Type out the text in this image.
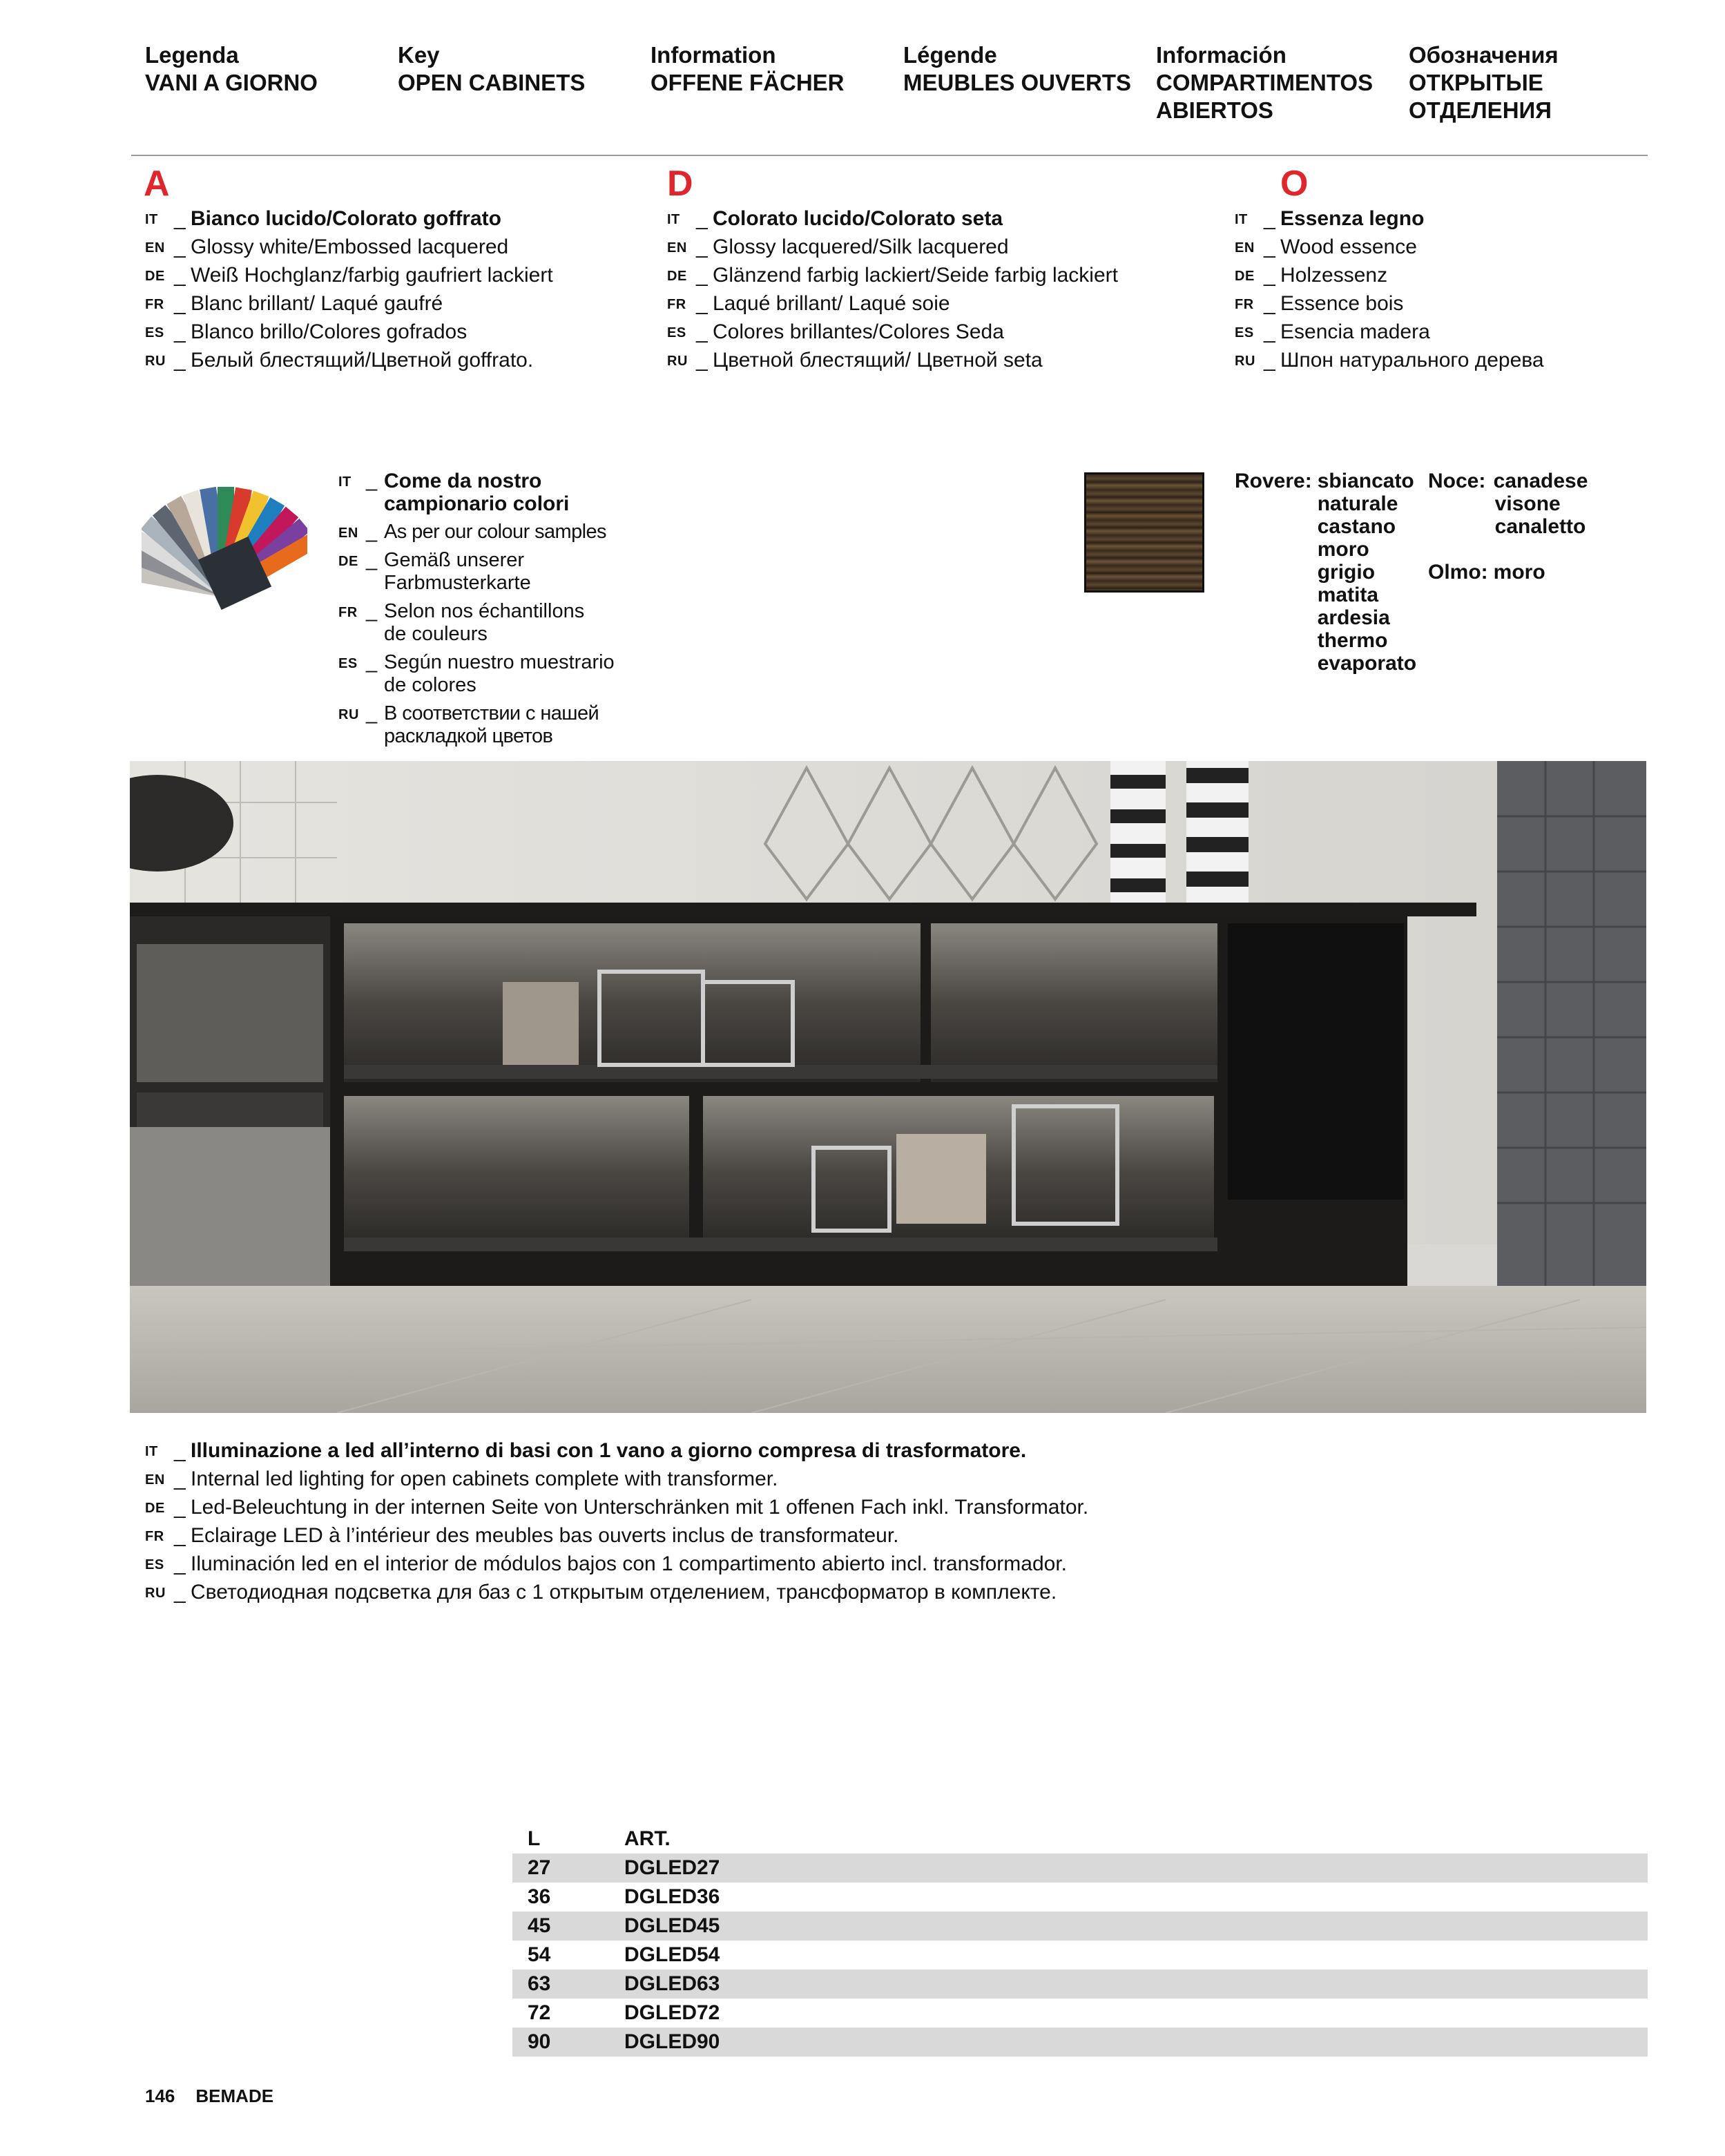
Legenda
VANI A GIORNO
Key
OPEN CABINETS
Information
OFFENE FÄCHER
Légende
MEUBLES OUVERTS
Información
COMPARTIMENTOS
ABIERTOS
Обозначения
ОТКРЫТЫЕ
ОТДЕЛЕНИЯ
A
IT _ Bianco lucido/Colorato goffrato
EN _ Glossy white/Embossed lacquered
DE _ Weiß Hochglanz/farbig gaufriert lackiert
FR _ Blanc brillant/ Laqué gaufré
ES _ Blanco brillo/Colores gofrados
RU _ Белый блестящий/Цветной goffrato.
D
IT _ Colorato lucido/Colorato seta
EN _ Glossy lacquered/Silk lacquered
DE _ Glänzend farbig lackiert/Seide farbig lackiert
FR _ Laqué brillant/ Laqué soie
ES _ Colores brillantes/Colores Seda
RU _ Цветной блестящий/ Цветной seta
O
IT _ Essenza legno
EN _ Wood essence
DE _ Holzessenz
FR _ Essence bois
ES _ Esencia madera
RU _ Шпон натурального дерева
IT _ Come da nostro
campionario colori
EN _ As per our colour samples
DE _ Gemäß unserer
Farbmusterkarte
FR _ Selon nos échantillons
de couleurs
ES _ Según nuestro muestrario
de colores
RU _ В соответствии с нашей
раскладкой цветов
Rovere: sbiancato
naturale
castano
moro
grigio
matita
ardesia
thermo
evaporato
Noce: canadese
visone
canaletto

Olmo: moro
IT _ Illuminazione a led all’interno di basi con 1 vano a giorno compresa di trasformatore.
EN _ Internal led lighting for open cabinets complete with transformer.
DE _ Led-Beleuchtung in der internen Seite von Unterschränken mit 1 offenen Fach inkl. Transformator.
FR _ Eclairage LED à l’intérieur des meubles bas ouverts inclus de transformateur.
ES _ Iluminación led en el interior de módulos bajos con 1 compartimento abierto incl. transformador.
RU _ Светодиодная подсветка для баз с 1 открытым отделением, трансформатор в комплекте.
L	ART.
27	DGLED27
36	DGLED36
45	DGLED45
54	DGLED54
63	DGLED63
72	DGLED72
90	DGLED90
146 BEMADE
